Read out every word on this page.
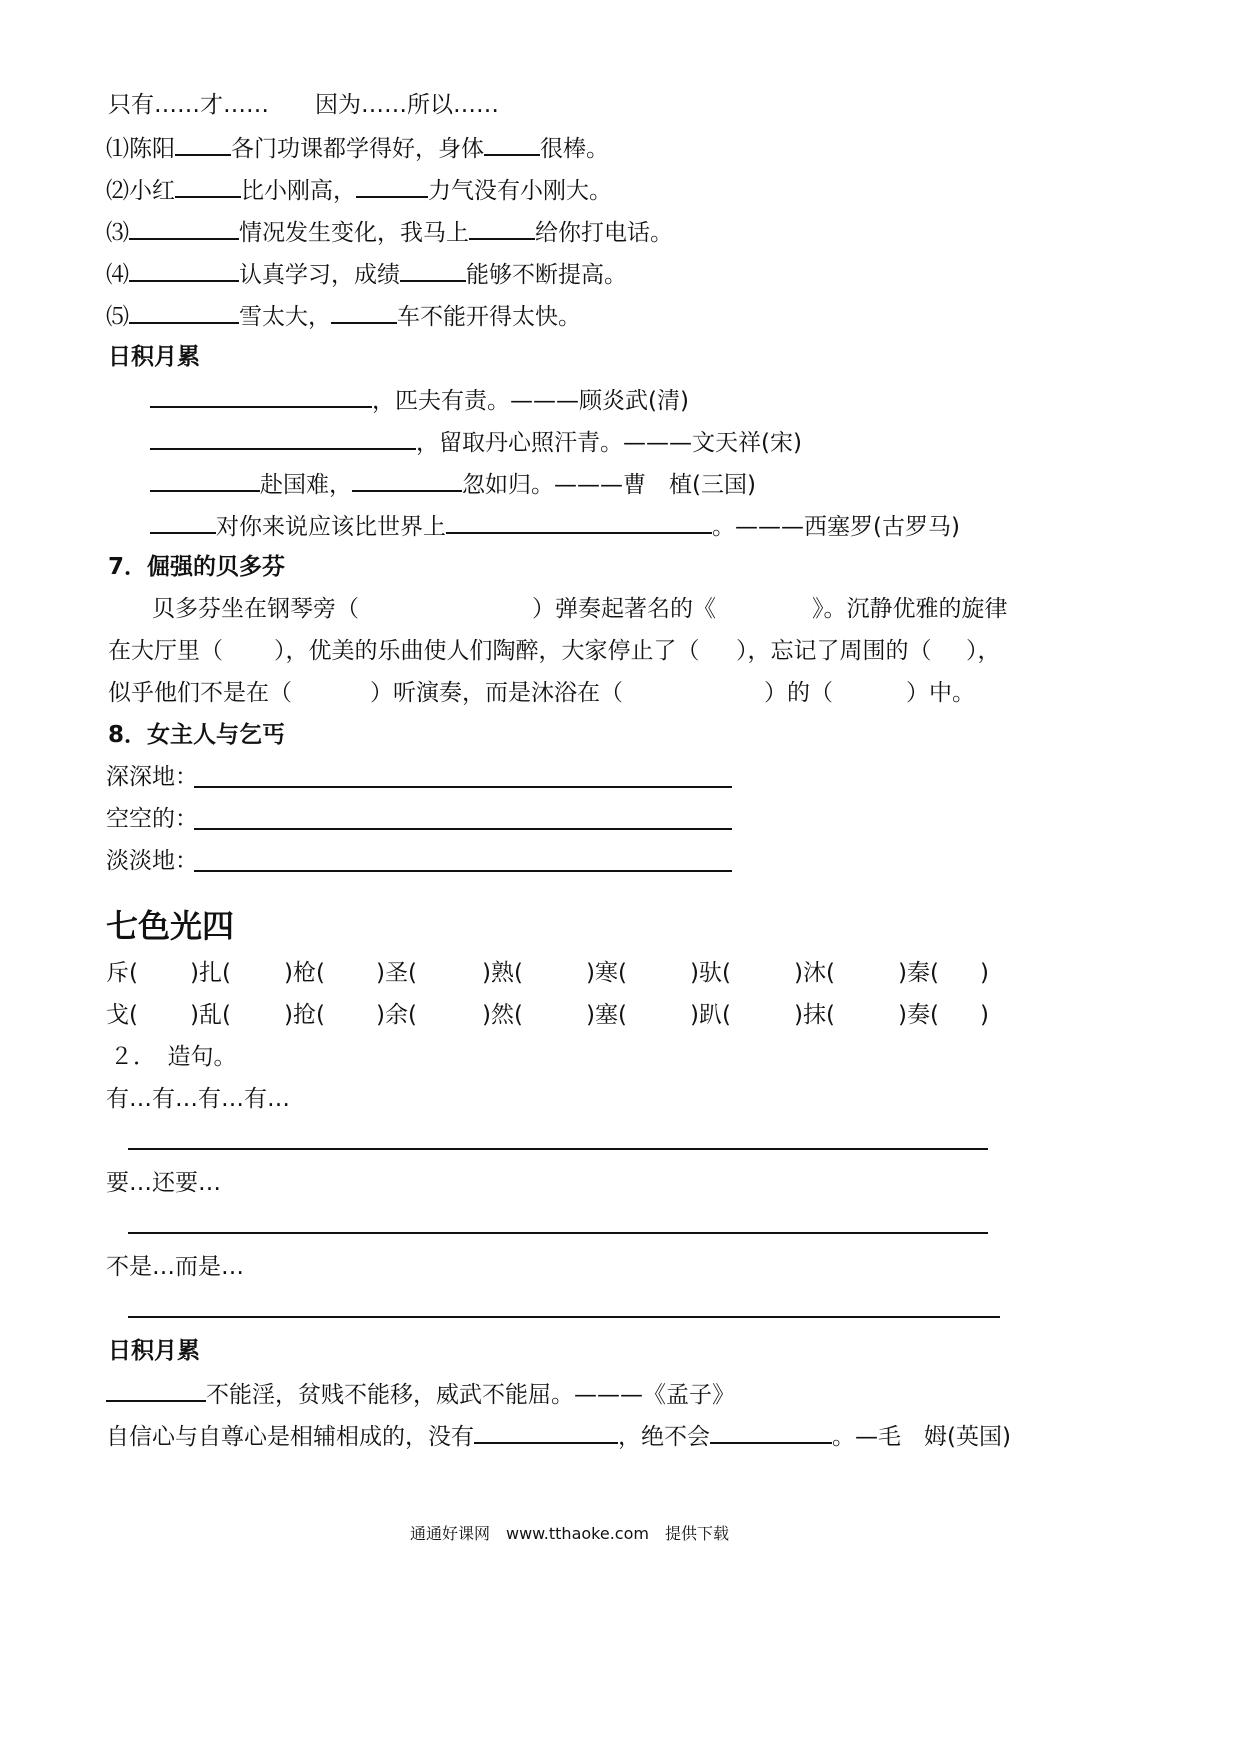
只有……才……　　因为……所以……
⑴陈阳 各门功课都学得好，身体 很棒。
⑵小红	比小刚高，	力气没有小刚大。
⑶	情况发生变化，我马上	给你打电话。
⑷	认真学习，成绩	能够不断提高。
⑸	雪太大，	车不能开得太快。
日积月累
，匹夫有责。———顾炎武(清)
，留取丹心照汗青。———文天祥(宋)
赴国难，	忽如归。———曹　植(三国)
对你来说应该比世界上	。———西塞罗(古罗马)
7．倔强的贝多芬
贝多芬坐在钢琴旁（	）弹奏起著名的《	》。沉静优雅的旋律
在大厅里（ ），优美的乐曲使人们陶醉，大家停止了（ ），忘记了周围的（ ），
似乎他们不是在（	）听演奏，而是沐浴在（	）的（	）中。
8．女主人与乞丐
深深地：
空空的：
淡淡地：
七色光四
斥( )扎( )枪( )圣(	)熟(	)寒(	)驮(	)沐(	)秦( )
戈( )乱( )抢( )余(	)然(	)塞(	)趴(	)抹(	)奏( )
２．　造句。
有…有…有…有…
要…还要…
不是…而是…
日积月累
不能淫，贫贱不能移，威武不能屈。———《孟子》
自信心与自尊心是相辅相成的，没有	，绝不会	。—毛　姆(英国)
通通好课网　www.tthaoke.com　提供下载
